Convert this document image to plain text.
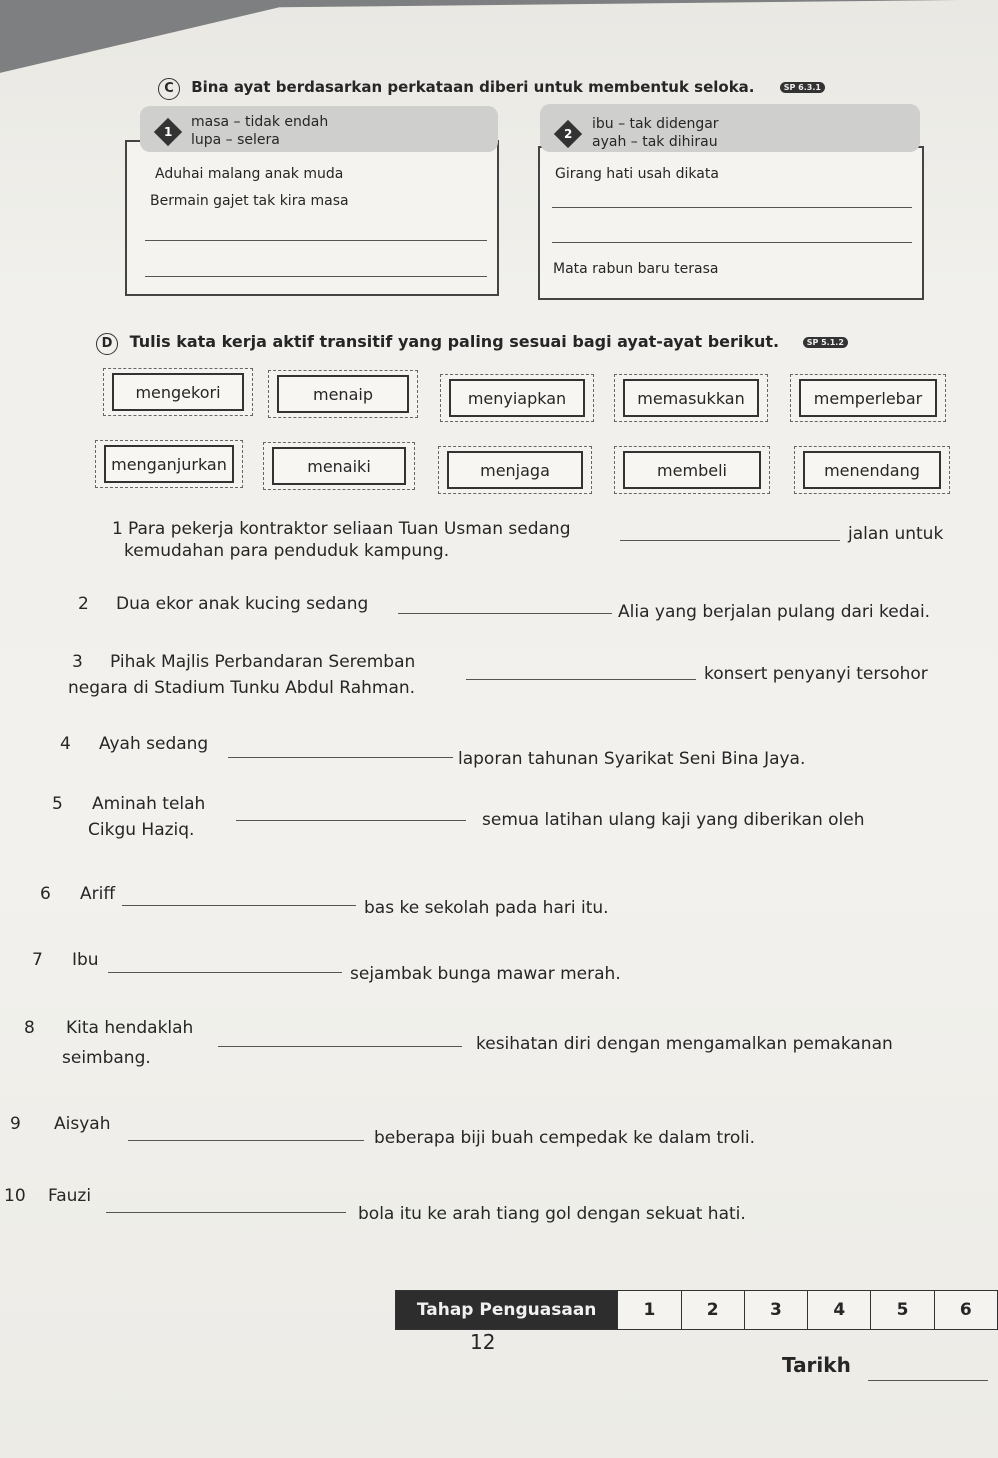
C Bina ayat berdasarkan perkataan diberi untuk membentuk seloka.	SP 6.3.1
1
masa – tidak endah
lupa – selera
Aduhai malang anak muda
Bermain gajet tak kira masa
2
ibu – tak didengar
ayah – tak dihirau
Girang hati usah dikata
Mata rabun baru terasa
D Tulis kata kerja aktif transitif yang paling sesuai bagi ayat-ayat berikut.	SP 5.1.2
mengekori	menaip	menyiapkan	memasukkan	memperlebar
menganjurkan	menaiki	menjaga	membeli	menendang
1 Para pekerja kontraktor seliaan Tuan Usman sedang	jalan untuk
kemudahan para penduduk kampung.
2 Dua ekor anak kucing sedang	Alia yang berjalan pulang dari kedai.
3 Pihak Majlis Perbandaran Seremban
konsert penyanyi tersohor
negara di Stadium Tunku Abdul Rahman.
4 Ayah sedang
laporan tahunan Syarikat Seni Bina Jaya.
5 Aminah telah
semua latihan ulang kaji yang diberikan oleh
Cikgu Haziq.
6 Ariff
bas ke sekolah pada hari itu.
7 Ibu
sejambak bunga mawar merah.
8 Kita hendaklah
kesihatan diri dengan mengamalkan pemakanan
seimbang.
9 Aisyah
beberapa biji buah cempedak ke dalam troli.
10 Fauzi
bola itu ke arah tiang gol dengan sekuat hati.
Tahap Penguasaan	1	2	3	4	5	6
12
Tarikh
